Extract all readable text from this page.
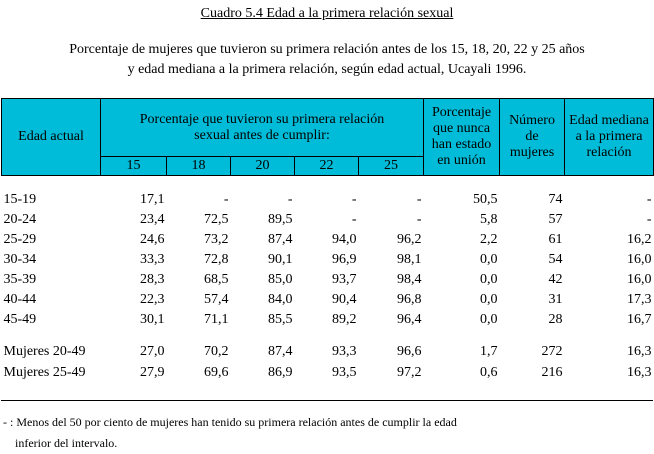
Cuadro 5.4 Edad a la primera relación sexual
Porcentaje de mujeres que tuvieron su primera relación antes de los 15, 18, 20, 22 y 25 años
y edad mediana a la primera relación, según edad actual, Ucayali 1996.
Edad actual	Porcentaje que tuvieron su primera relación sexual antes de cumplir:					Porcentaje que nunca han estado en unión	Número de mujeres	Edad mediana a la primera relación
	15	18	20	22	25			

15-19	17,1	-	-	-	-	50,5	74	-
20-24	23,4	72,5	89,5	-	-	5,8	57	-
25-29	24,6	73,2	87,4	94,0	96,2	2,2	61	16,2
30-34	33,3	72,8	90,1	96,9	98,1	0,0	54	16,0
35-39	28,3	68,5	85,0	93,7	98,4	0,0	42	16,0
40-44	22,3	57,4	84,0	90,4	96,8	0,0	31	17,3
45-49	30,1	71,1	85,5	89,2	96,4	0,0	28	16,7

Mujeres 20-49	27,0	70,2	87,4	93,3	96,6	1,7	272	16,3
Mujeres 25-49	27,9	69,6	86,9	93,5	97,2	0,6	216	16,3
- : Menos del 50 por ciento de mujeres han tenido su primera relación antes de cumplir la edad
inferior del intervalo.
